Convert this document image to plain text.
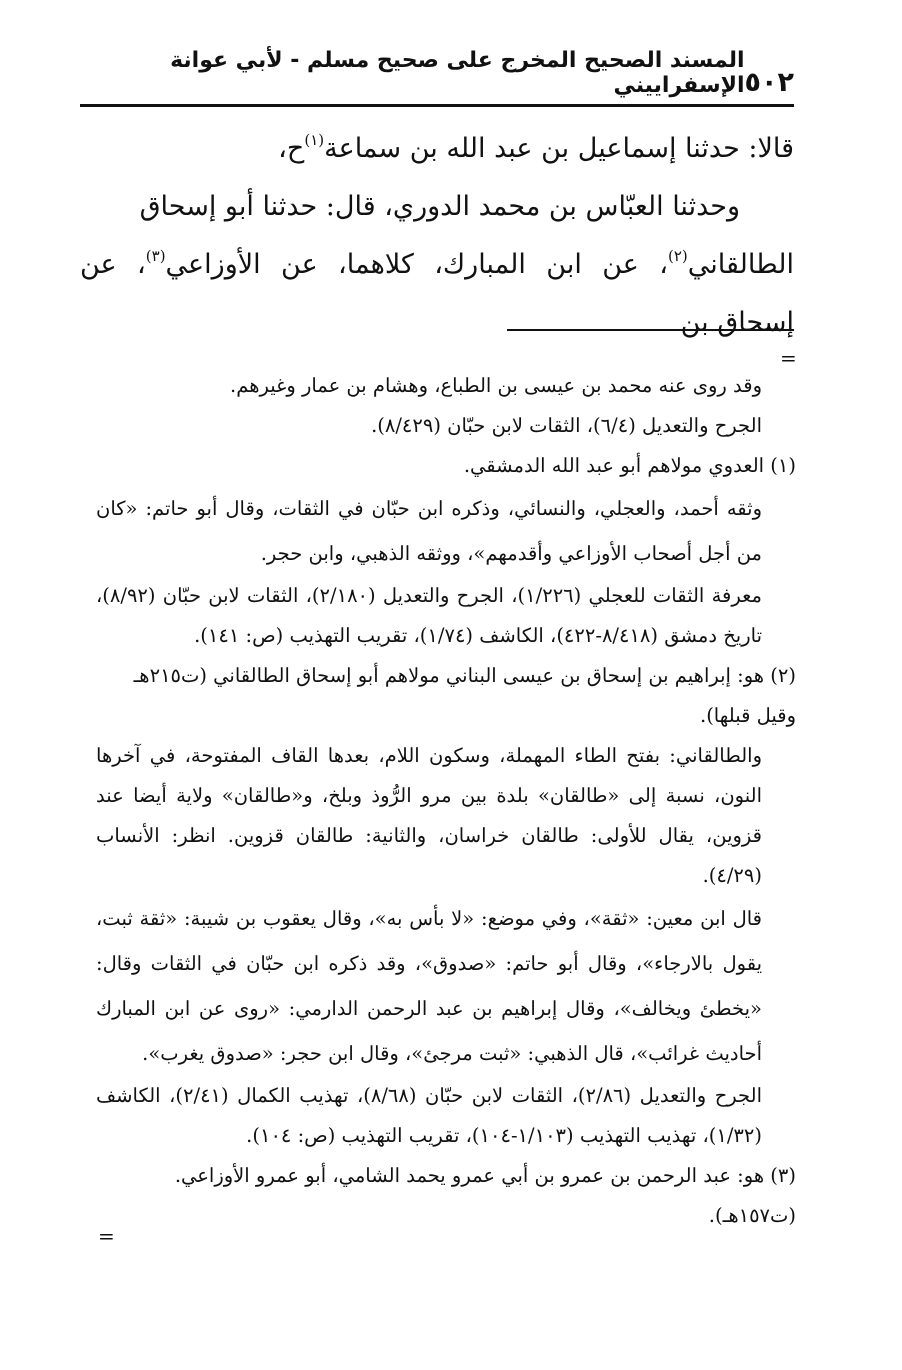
٥٠٢
المسند الصحيح المخرج على صحيح مسلم - لأبي عوانة الإسفراييني

قالا: حدثنا إسماعيل بن عبد الله بن سماعة$^{(١)}$ح،

وحدثنا العبّاس بن محمد الدوري، قال: حدثنا أبو إسحاق

الطالقاني$^{(٢)}$، عن ابن المبارك، كلاهما، عن الأوزاعي$^{(٣)}$، عن إسحاق بن

=

وقد روى عنه محمد بن عيسى بن الطباع، وهشام بن عمار وغيرهم.

الجرح والتعديل (٦/٤)، الثقات لابن حبّان (٨/٤٢٩).

(١) العدوي مولاهم أبو عبد الله الدمشقي.

وثقه أحمد، والعجلي، والنسائي، وذكره ابن حبّان في الثقات، وقال أبو حاتم: «كان من أجل أصحاب الأوزاعي وأقدمهم»، ووثقه الذهبي، وابن حجر.

معرفة الثقات للعجلي (١/٢٢٦)، الجرح والتعديل (٢/١٨٠)، الثقات لابن حبّان (٨/٩٢)، تاريخ دمشق (٨/٤١٨-٤٢٢)، الكاشف (١/٧٤)، تقريب التهذيب (ص: ١٤١).

(٢) هو: إبراهيم بن إسحاق بن عيسى البناني مولاهم أبو إسحاق الطالقاني (ت٢١٥هـ وقيل قبلها).

والطالقاني: بفتح الطاء المهملة، وسكون اللام، بعدها القاف المفتوحة، في آخرها النون، نسبة إلى «طالقان» بلدة بين مرو الرُّوذ وبلخ، و«طالقان» ولاية أيضا عند قزوين، يقال للأولى: طالقان خراسان، والثانية: طالقان قزوين. انظر: الأنساب (٤/٢٩).

قال ابن معين: «ثقة»، وفي موضع: «لا بأس به»، وقال يعقوب بن شيبة: «ثقة ثبت، يقول بالارجاء»، وقال أبو حاتم: «صدوق»، وقد ذكره ابن حبّان في الثقات وقال: «يخطئ ويخالف»، وقال إبراهيم بن عبد الرحمن الدارمي: «روى عن ابن المبارك أحاديث غرائب»، قال الذهبي: «ثبت مرجئ»، وقال ابن حجر: «صدوق يغرب».

الجرح والتعديل (٢/٨٦)، الثقات لابن حبّان (٨/٦٨)، تهذيب الكمال (٢/٤١)، الكاشف (١/٣٢)، تهذيب التهذيب (١/١٠٣-١٠٤)، تقريب التهذيب (ص: ١٠٤).

(٣) هو: عبد الرحمن بن عمرو بن أبي عمرو يحمد الشامي، أبو عمرو الأوزاعي. (ت١٥٧هـ).

=
